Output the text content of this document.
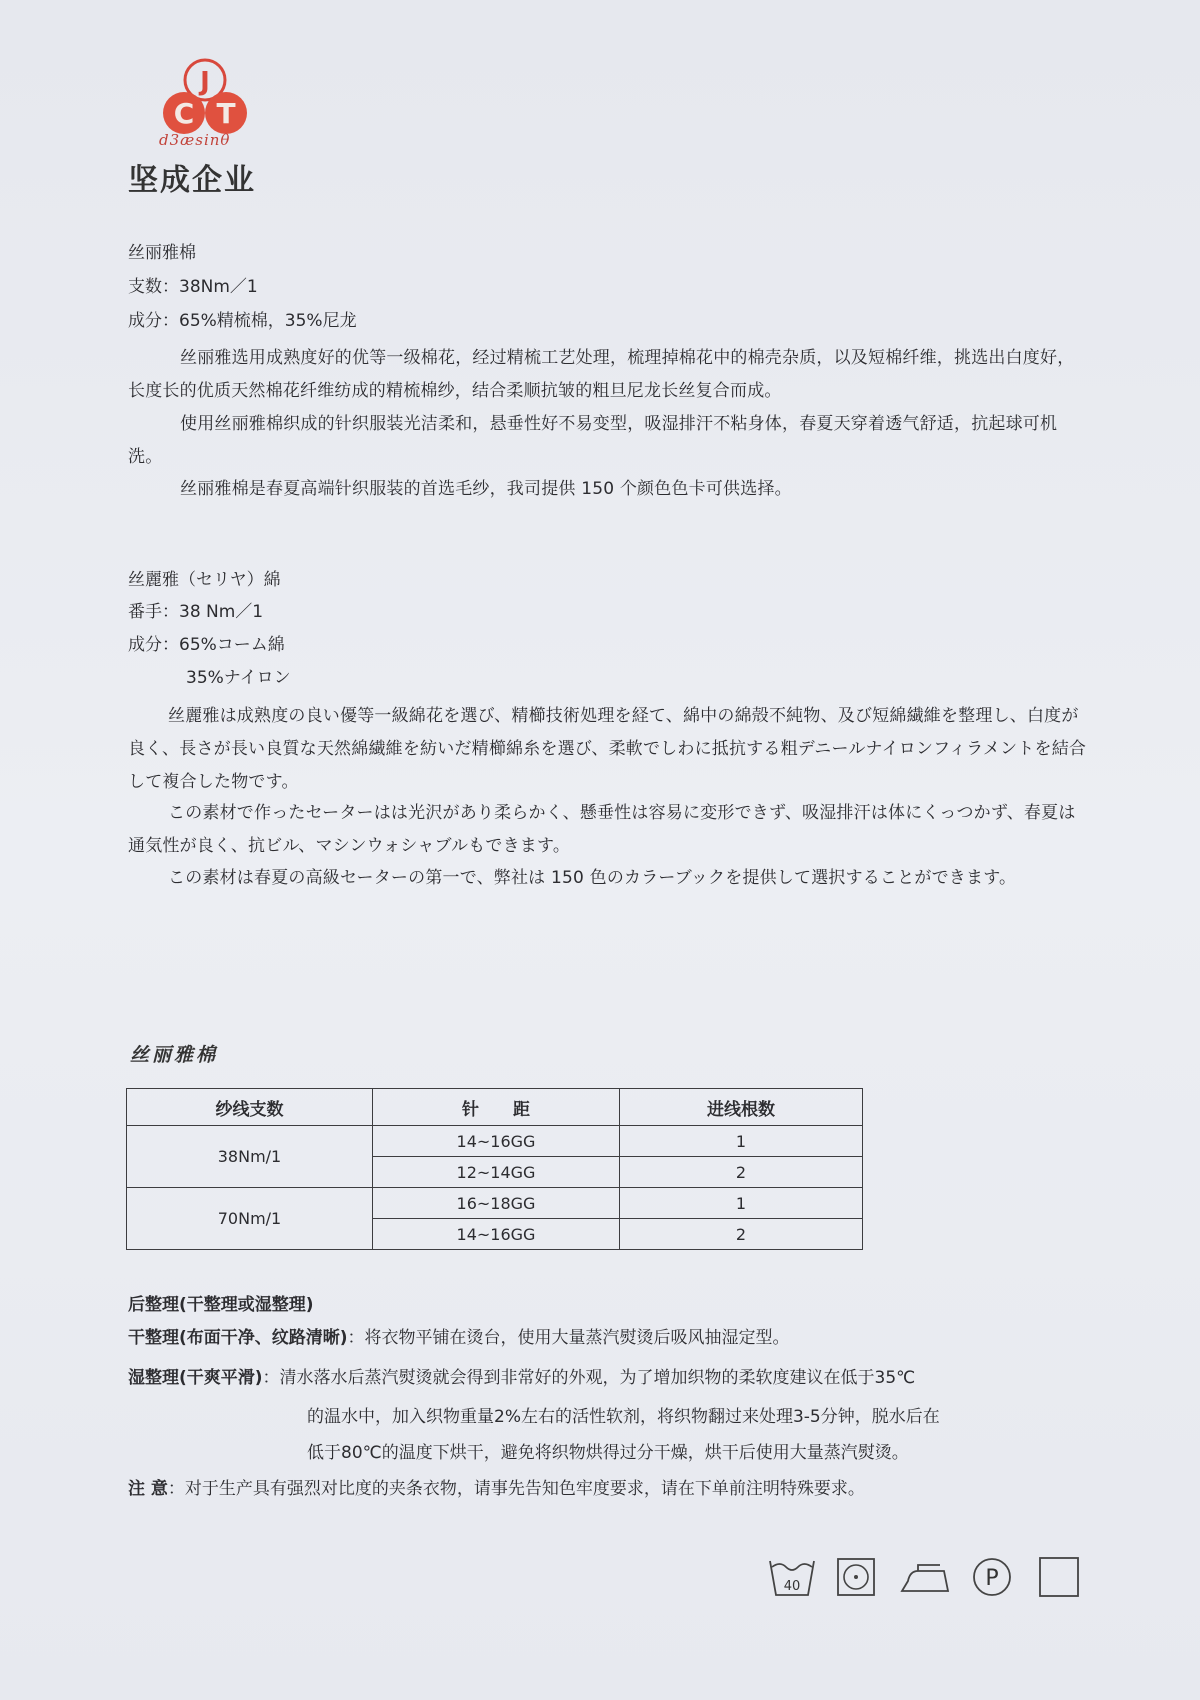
J
C T
d3æsinθ
坚成企业
丝丽雅棉
支数：38Nm／1
成分：65%精梳棉，35%尼龙
丝丽雅选用成熟度好的优等一级棉花，经过精梳工艺处理，梳理掉棉花中的棉壳杂质，以及短棉纤维，挑选出白度好，长度长的优质天然棉花纤维纺成的精梳棉纱，结合柔顺抗皱的粗旦尼龙长丝复合而成。
使用丝丽雅棉织成的针织服装光洁柔和，悬垂性好不易变型，吸湿排汗不粘身体，春夏天穿着透气舒适，抗起球可机洗。
丝丽雅棉是春夏高端针织服装的首选毛纱，我司提供 150 个颜色色卡可供选择。
丝麗雅（セリヤ）綿
番手：38 Nm／1
成分：65%コーム綿
35%ナイロン
丝麗雅は成熟度の良い優等一級綿花を選び、精櫛技術処理を経て、綿中の綿殻不純物、及び短綿繊維を整理し、白度が良く、長さが長い良質な天然綿繊維を紡いだ精櫛綿糸を選び、柔軟でしわに抵抗する粗デニールナイロンフィラメントを結合して複合した物です。
この素材で作ったセーターはは光沢があり柔らかく、懸垂性は容易に変形できず、吸湿排汗は体にくっつかず、春夏は通気性が良く、抗ビル、マシンウォシャブルもできます。
この素材は春夏の高級セーターの第一で、弊社は 150 色のカラーブックを提供して選択することができます。
丝丽雅棉
纱线支数	针　　距	进线根数
38Nm/1	14~16GG	1
	12~14GG	2
70Nm/1	16~18GG	1
	14~16GG	2
后整理(干整理或湿整理)
干整理(布面干净、纹路清晰)：将衣物平铺在烫台，使用大量蒸汽熨烫后吸风抽湿定型。
湿整理(干爽平滑)：清水落水后蒸汽熨烫就会得到非常好的外观，为了增加织物的柔软度建议在低于35℃
的温水中，加入织物重量2%左右的活性软剂，将织物翻过来处理3-5分钟，脱水后在
低于80℃的温度下烘干，避免将织物烘得过分干燥，烘干后使用大量蒸汽熨烫。
注 意：对于生产具有强烈对比度的夹条衣物，请事先告知色牢度要求，请在下单前注明特殊要求。
40	P
